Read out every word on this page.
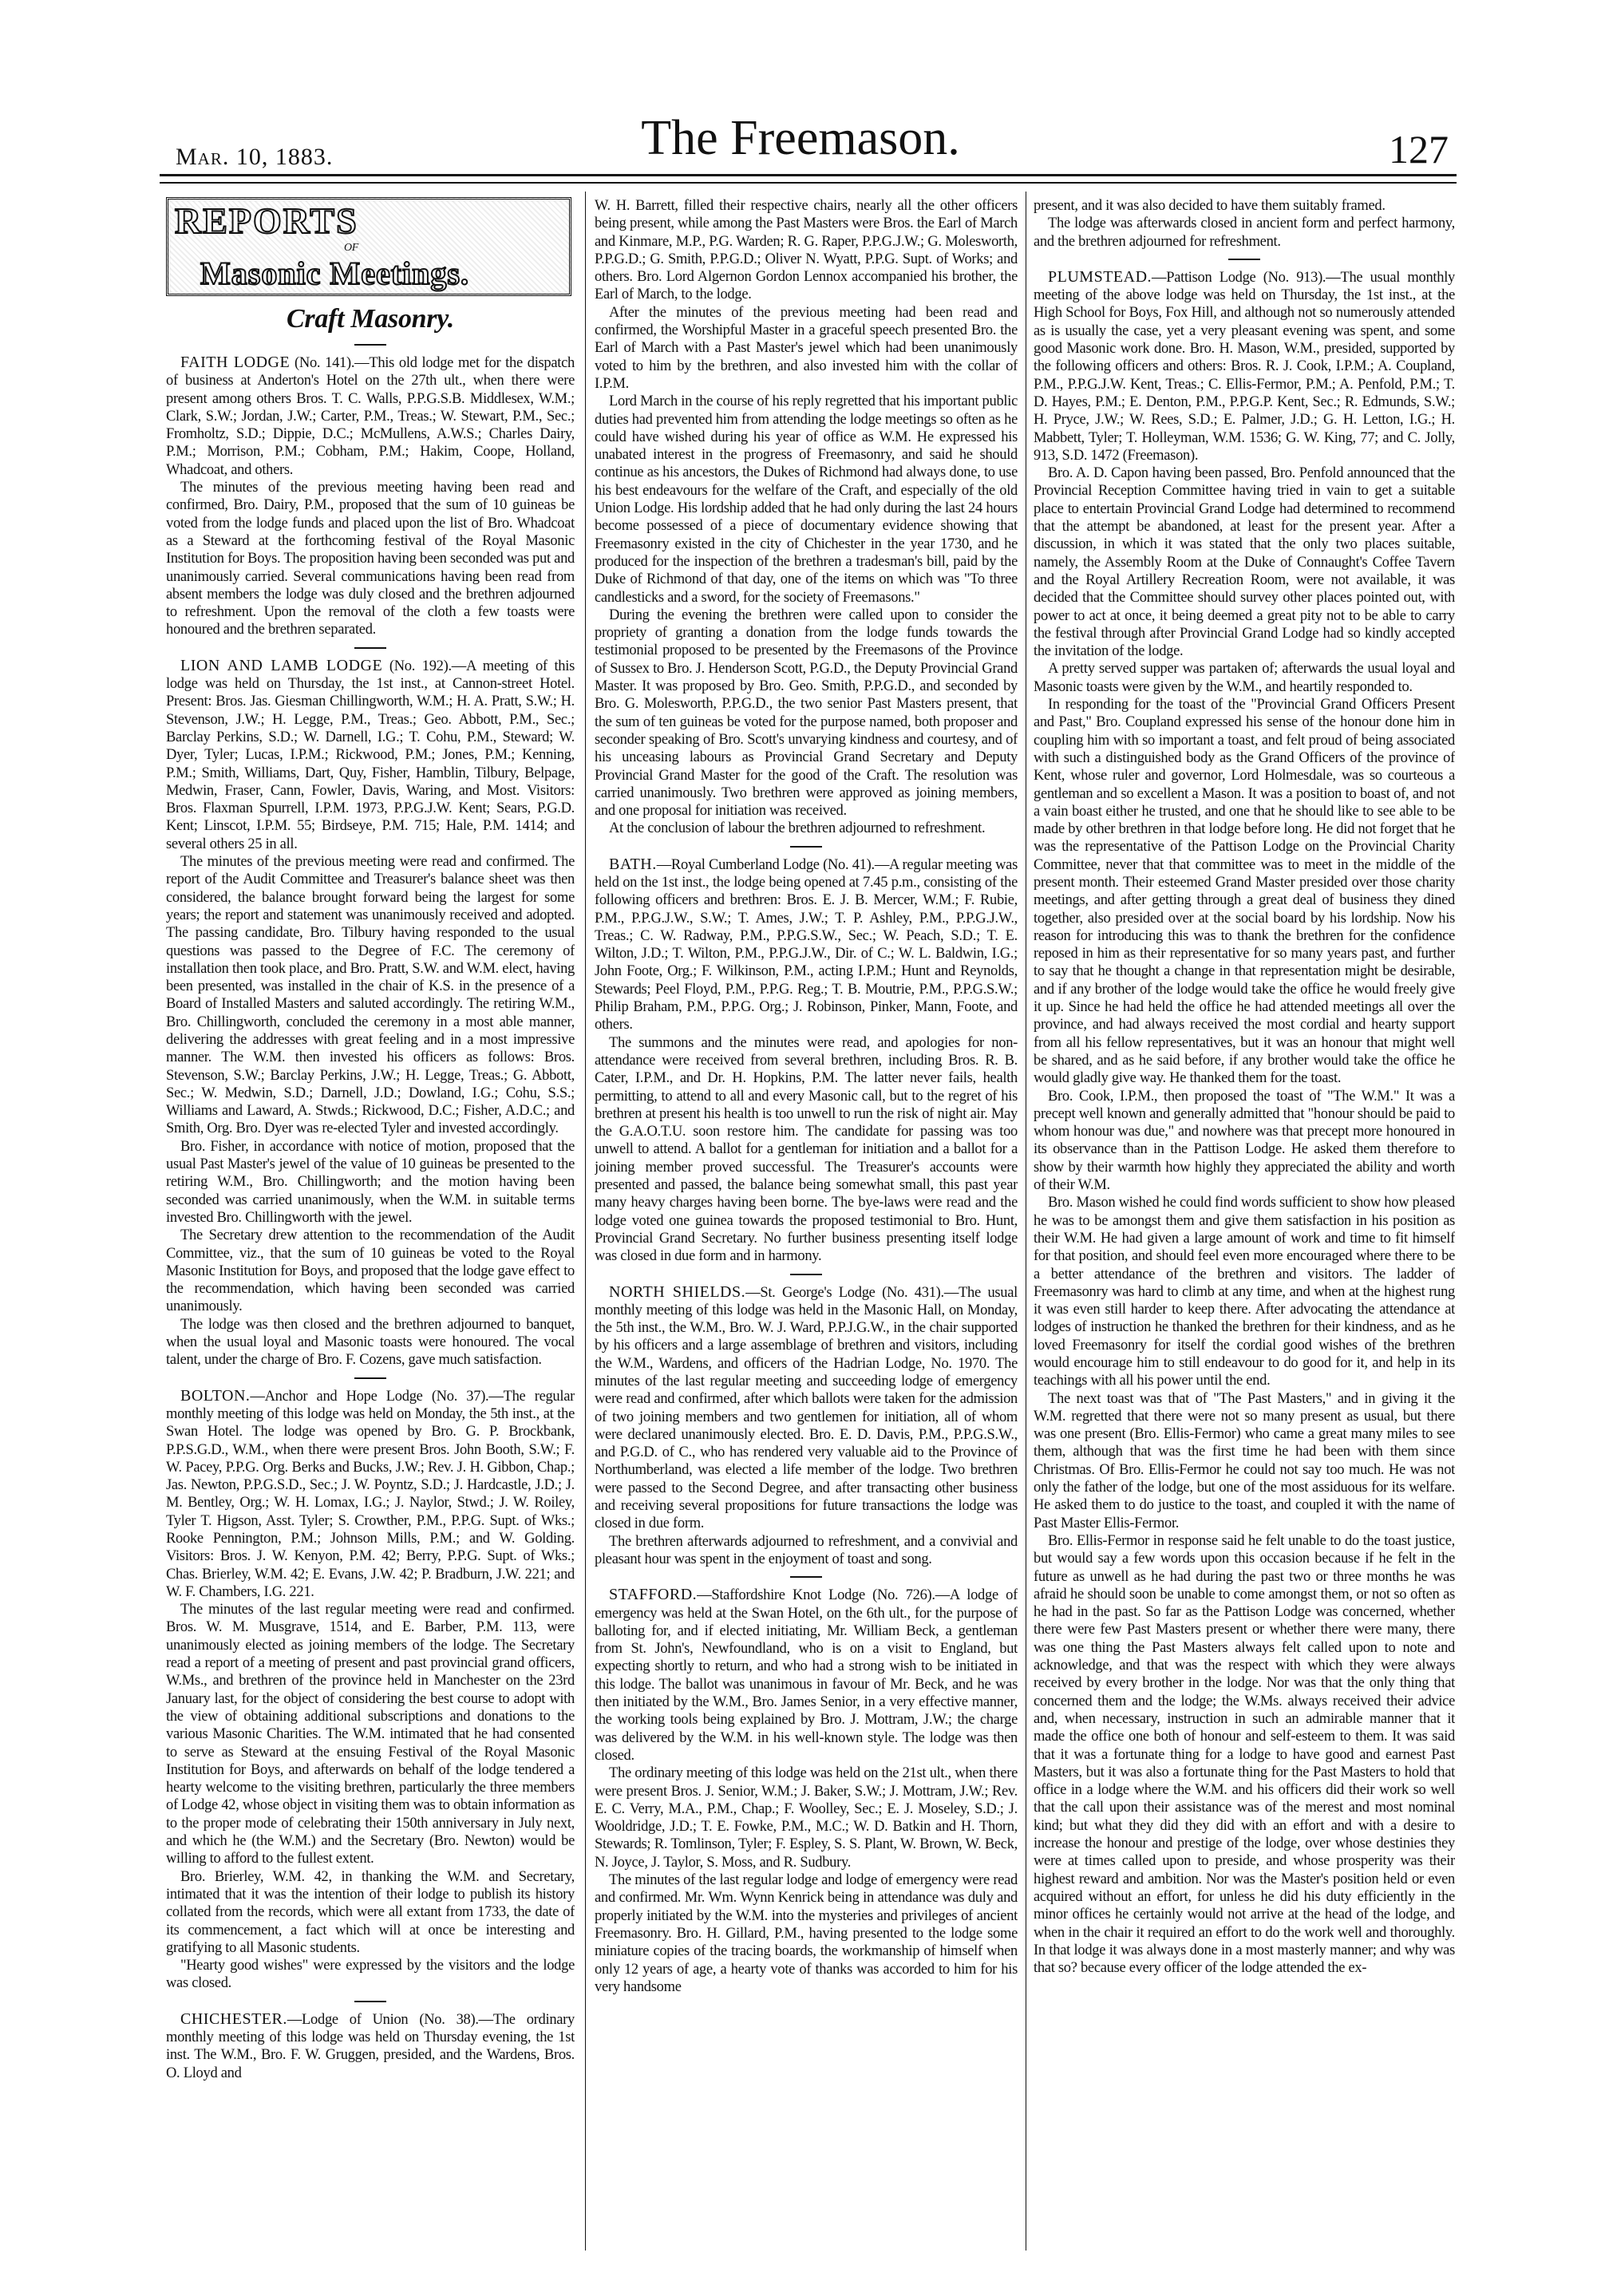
Mar. 10, 1883.	The Freemason.	127
REPORTS
OF
Masonic Meetings.

Craft Masonry.

FAITH LODGE (No. 141).—This old lodge met for the dispatch of business at Anderton's Hotel on the 27th ult., when there were present among others Bros. T. C. Walls, P.P.G.S.B. Middlesex, W.M.; Clark, S.W.; Jordan, J.W.; Carter, P.M., Treas.; W. Stewart, P.M., Sec.; Fromholtz, S.D.; Dippie, D.C.; McMullens, A.W.S.; Charles Dairy, P.M.; Morrison, P.M.; Cobham, P.M.; Hakim, Coope, Holland, Whadcoat, and others.

The minutes of the previous meeting having been read and confirmed, Bro. Dairy, P.M., proposed that the sum of 10 guineas be voted from the lodge funds and placed upon the list of Bro. Whadcoat as a Steward at the forthcoming festival of the Royal Masonic Institution for Boys. The proposition having been seconded was put and unanimously carried. Several communications having been read from absent members the lodge was duly closed and the brethren adjourned to refreshment. Upon the removal of the cloth a few toasts were honoured and the brethren separated.

LION AND LAMB LODGE (No. 192).—A meeting of this lodge was held on Thursday, the 1st inst., at Cannon-street Hotel. Present: Bros. Jas. Giesman Chillingworth, W.M.; H. A. Pratt, S.W.; H. Stevenson, J.W.; H. Legge, P.M., Treas.; Geo. Abbott, P.M., Sec.; Barclay Perkins, S.D.; W. Darnell, I.G.; T. Cohu, P.M., Steward; W. Dyer, Tyler; Lucas, I.P.M.; Rickwood, P.M.; Jones, P.M.; Kenning, P.M.; Smith, Williams, Dart, Quy, Fisher, Hamblin, Tilbury, Belpage, Medwin, Fraser, Cann, Fowler, Davis, Waring, and Most. Visitors: Bros. Flaxman Spurrell, I.P.M. 1973, P.P.G.J.W. Kent; Sears, P.G.D. Kent; Linscot, I.P.M. 55; Birdseye, P.M. 715; Hale, P.M. 1414; and several others 25 in all.

The minutes of the previous meeting were read and confirmed. The report of the Audit Committee and Treasurer's balance sheet was then considered, the balance brought forward being the largest for some years; the report and statement was unanimously received and adopted. The passing candidate, Bro. Tilbury having responded to the usual questions was passed to the Degree of F.C. The ceremony of installation then took place, and Bro. Pratt, S.W. and W.M. elect, having been presented, was installed in the chair of K.S. in the presence of a Board of Installed Masters and saluted accordingly. The retiring W.M., Bro. Chillingworth, concluded the ceremony in a most able manner, delivering the addresses with great feeling and in a most impressive manner. The W.M. then invested his officers as follows: Bros. Stevenson, S.W.; Barclay Perkins, J.W.; H. Legge, Treas.; G. Abbott, Sec.; W. Medwin, S.D.; Darnell, J.D.; Dowland, I.G.; Cohu, S.S.; Williams and Laward, A. Stwds.; Rickwood, D.C.; Fisher, A.D.C.; and Smith, Org. Bro. Dyer was re-elected Tyler and invested accordingly.

Bro. Fisher, in accordance with notice of motion, proposed that the usual Past Master's jewel of the value of 10 guineas be presented to the retiring W.M., Bro. Chillingworth; and the motion having been seconded was carried unanimously, when the W.M. in suitable terms invested Bro. Chillingworth with the jewel.

The Secretary drew attention to the recommendation of the Audit Committee, viz., that the sum of 10 guineas be voted to the Royal Masonic Institution for Boys, and proposed that the lodge gave effect to the recommendation, which having been seconded was carried unanimously.

The lodge was then closed and the brethren adjourned to banquet, when the usual loyal and Masonic toasts were honoured. The vocal talent, under the charge of Bro. F. Cozens, gave much satisfaction.

BOLTON.—Anchor and Hope Lodge (No. 37).—The regular monthly meeting of this lodge was held on Monday, the 5th inst., at the Swan Hotel. The lodge was opened by Bro. G. P. Brockbank, P.P.S.G.D., W.M., when there were present Bros. John Booth, S.W.; F. W. Pacey, P.P.G. Org. Berks and Bucks, J.W.; Rev. J. H. Gibbon, Chap.; Jas. Newton, P.P.G.S.D., Sec.; J. W. Poyntz, S.D.; J. Hardcastle, J.D.; J. M. Bentley, Org.; W. H. Lomax, I.G.; J. Naylor, Stwd.; J. W. Roiley, Tyler T. Higson, Asst. Tyler; S. Crowther, P.M., P.P.G. Supt. of Wks.; Rooke Pennington, P.M.; Johnson Mills, P.M.; and W. Golding. Visitors: Bros. J. W. Kenyon, P.M. 42; Berry, P.P.G. Supt. of Wks.; Chas. Brierley, W.M. 42; E. Evans, J.W. 42; P. Bradburn, J.W. 221; and W. F. Chambers, I.G. 221.

The minutes of the last regular meeting were read and confirmed. Bros. W. M. Musgrave, 1514, and E. Barber, P.M. 113, were unanimously elected as joining members of the lodge. The Secretary read a report of a meeting of present and past provincial grand officers, W.Ms., and brethren of the province held in Manchester on the 23rd January last, for the object of considering the best course to adopt with the view of obtaining additional subscriptions and donations to the various Masonic Charities. The W.M. intimated that he had consented to serve as Steward at the ensuing Festival of the Royal Masonic Institution for Boys, and afterwards on behalf of the lodge tendered a hearty welcome to the visiting brethren, particularly the three members of Lodge 42, whose object in visiting them was to obtain information as to the proper mode of celebrating their 150th anniversary in July next, and which he (the W.M.) and the Secretary (Bro. Newton) would be willing to afford to the fullest extent.

Bro. Brierley, W.M. 42, in thanking the W.M. and Secretary, intimated that it was the intention of their lodge to publish its history collated from the records, which were all extant from 1733, the date of its commencement, a fact which will at once be interesting and gratifying to all Masonic students.

"Hearty good wishes" were expressed by the visitors and the lodge was closed.

CHICHESTER.—Lodge of Union (No. 38).—The ordinary monthly meeting of this lodge was held on Thursday evening, the 1st inst. The W.M., Bro. F. W. Gruggen, presided, and the Wardens, Bros. O. Lloyd and

W. H. Barrett, filled their respective chairs, nearly all the other officers being present, while among the Past Masters were Bros. the Earl of March and Kinmare, M.P., P.G. Warden; R. G. Raper, P.P.G.J.W.; G. Molesworth, P.P.G.D.; G. Smith, P.P.G.D.; Oliver N. Wyatt, P.P.G. Supt. of Works; and others. Bro. Lord Algernon Gordon Lennox accompanied his brother, the Earl of March, to the lodge.

After the minutes of the previous meeting had been read and confirmed, the Worshipful Master in a graceful speech presented Bro. the Earl of March with a Past Master's jewel which had been unanimously voted to him by the brethren, and also invested him with the collar of I.P.M.

Lord March in the course of his reply regretted that his important public duties had prevented him from attending the lodge meetings so often as he could have wished during his year of office as W.M. He expressed his unabated interest in the progress of Freemasonry, and said he should continue as his ancestors, the Dukes of Richmond had always done, to use his best endeavours for the welfare of the Craft, and especially of the old Union Lodge. His lordship added that he had only during the last 24 hours become possessed of a piece of documentary evidence showing that Freemasonry existed in the city of Chichester in the year 1730, and he produced for the inspection of the brethren a tradesman's bill, paid by the Duke of Richmond of that day, one of the items on which was "To three candlesticks and a sword, for the society of Freemasons."

During the evening the brethren were called upon to consider the propriety of granting a donation from the lodge funds towards the testimonial proposed to be presented by the Freemasons of the Province of Sussex to Bro. J. Henderson Scott, P.G.D., the Deputy Provincial Grand Master. It was proposed by Bro. Geo. Smith, P.P.G.D., and seconded by Bro. G. Molesworth, P.P.G.D., the two senior Past Masters present, that the sum of ten guineas be voted for the purpose named, both proposer and seconder speaking of Bro. Scott's unvarying kindness and courtesy, and of his unceasing labours as Provincial Grand Secretary and Deputy Provincial Grand Master for the good of the Craft. The resolution was carried unanimously. Two brethren were approved as joining members, and one proposal for initiation was received.

At the conclusion of labour the brethren adjourned to refreshment.

BATH.—Royal Cumberland Lodge (No. 41).—A regular meeting was held on the 1st inst., the lodge being opened at 7.45 p.m., consisting of the following officers and brethren: Bros. E. J. B. Mercer, W.M.; F. Rubie, P.M., P.P.G.J.W., S.W.; T. Ames, J.W.; T. P. Ashley, P.M., P.P.G.J.W., Treas.; C. W. Radway, P.M., P.P.G.S.W., Sec.; W. Peach, S.D.; T. E. Wilton, J.D.; T. Wilton, P.M., P.P.G.J.W., Dir. of C.; W. L. Baldwin, I.G.; John Foote, Org.; F. Wilkinson, P.M., acting I.P.M.; Hunt and Reynolds, Stewards; Peel Floyd, P.M., P.P.G. Reg.; T. B. Moutrie, P.M., P.P.G.S.W.; Philip Braham, P.M., P.P.G. Org.; J. Robinson, Pinker, Mann, Foote, and others.

The summons and the minutes were read, and apologies for non-attendance were received from several brethren, including Bros. R. B. Cater, I.P.M., and Dr. H. Hopkins, P.M. The latter never fails, health permitting, to attend to all and every Masonic call, but to the regret of his brethren at present his health is too unwell to run the risk of night air. May the G.A.O.T.U. soon restore him. The candidate for passing was too unwell to attend. A ballot for a gentleman for initiation and a ballot for a joining member proved successful. The Treasurer's accounts were presented and passed, the balance being somewhat small, this past year many heavy charges having been borne. The bye-laws were read and the lodge voted one guinea towards the proposed testimonial to Bro. Hunt, Provincial Grand Secretary. No further business presenting itself lodge was closed in due form and in harmony.

NORTH SHIELDS.—St. George's Lodge (No. 431).—The usual monthly meeting of this lodge was held in the Masonic Hall, on Monday, the 5th inst., the W.M., Bro. W. J. Ward, P.P.J.G.W., in the chair supported by his officers and a large assemblage of brethren and visitors, including the W.M., Wardens, and officers of the Hadrian Lodge, No. 1970. The minutes of the last regular meeting and succeeding lodge of emergency were read and confirmed, after which ballots were taken for the admission of two joining members and two gentlemen for initiation, all of whom were declared unanimously elected. Bro. E. D. Davis, P.M., P.P.G.S.W., and P.G.D. of C., who has rendered very valuable aid to the Province of Northumberland, was elected a life member of the lodge. Two brethren were passed to the Second Degree, and after transacting other business and receiving several propositions for future transactions the lodge was closed in due form.

The brethren afterwards adjourned to refreshment, and a convivial and pleasant hour was spent in the enjoyment of toast and song.

STAFFORD.—Staffordshire Knot Lodge (No. 726).—A lodge of emergency was held at the Swan Hotel, on the 6th ult., for the purpose of balloting for, and if elected initiating, Mr. William Beck, a gentleman from St. John's, Newfoundland, who is on a visit to England, but expecting shortly to return, and who had a strong wish to be initiated in this lodge. The ballot was unanimous in favour of Mr. Beck, and he was then initiated by the W.M., Bro. James Senior, in a very effective manner, the working tools being explained by Bro. J. Mottram, J.W.; the charge was delivered by the W.M. in his well-known style. The lodge was then closed.

The ordinary meeting of this lodge was held on the 21st ult., when there were present Bros. J. Senior, W.M.; J. Baker, S.W.; J. Mottram, J.W.; Rev. E. C. Verry, M.A., P.M., Chap.; F. Woolley, Sec.; E. J. Moseley, S.D.; J. Wooldridge, J.D.; T. E. Fowke, P.M., M.C.; W. D. Batkin and H. Thorn, Stewards; R. Tomlinson, Tyler; F. Espley, S. S. Plant, W. Brown, W. Beck, N. Joyce, J. Taylor, S. Moss, and R. Sudbury.

The minutes of the last regular lodge and lodge of emergency were read and confirmed. Mr. Wm. Wynn Kenrick being in attendance was duly and properly initiated by the W.M. into the mysteries and privileges of ancient Freemasonry. Bro. H. Gillard, P.M., having presented to the lodge some miniature copies of the tracing boards, the workmanship of himself when only 12 years of age, a hearty vote of thanks was accorded to him for his very handsome

present, and it was also decided to have them suitably framed.

The lodge was afterwards closed in ancient form and perfect harmony, and the brethren adjourned for refreshment.

PLUMSTEAD.—Pattison Lodge (No. 913).—The usual monthly meeting of the above lodge was held on Thursday, the 1st inst., at the High School for Boys, Fox Hill, and although not so numerously attended as is usually the case, yet a very pleasant evening was spent, and some good Masonic work done. Bro. H. Mason, W.M., presided, supported by the following officers and others: Bros. R. J. Cook, I.P.M.; A. Coupland, P.M., P.P.G.J.W. Kent, Treas.; C. Ellis-Fermor, P.M.; A. Penfold, P.M.; T. D. Hayes, P.M.; E. Denton, P.M., P.P.G.P. Kent, Sec.; R. Edmunds, S.W.; H. Pryce, J.W.; W. Rees, S.D.; E. Palmer, J.D.; G. H. Letton, I.G.; H. Mabbett, Tyler; T. Holleyman, W.M. 1536; G. W. King, 77; and C. Jolly, 913, S.D. 1472 (Freemason).

Bro. A. D. Capon having been passed, Bro. Penfold announced that the Provincial Reception Committee having tried in vain to get a suitable place to entertain Provincial Grand Lodge had determined to recommend that the attempt be abandoned, at least for the present year. After a discussion, in which it was stated that the only two places suitable, namely, the Assembly Room at the Duke of Connaught's Coffee Tavern and the Royal Artillery Recreation Room, were not available, it was decided that the Committee should survey other places pointed out, with power to act at once, it being deemed a great pity not to be able to carry the festival through after Provincial Grand Lodge had so kindly accepted the invitation of the lodge.

A pretty served supper was partaken of; afterwards the usual loyal and Masonic toasts were given by the W.M., and heartily responded to.

In responding for the toast of the "Provincial Grand Officers Present and Past," Bro. Coupland expressed his sense of the honour done him in coupling him with so important a toast, and felt proud of being associated with such a distinguished body as the Grand Officers of the province of Kent, whose ruler and governor, Lord Holmesdale, was so courteous a gentleman and so excellent a Mason. It was a position to boast of, and not a vain boast either he trusted, and one that he should like to see able to be made by other brethren in that lodge before long. He did not forget that he was the representative of the Pattison Lodge on the Provincial Charity Committee, never that that committee was to meet in the middle of the present month. Their esteemed Grand Master presided over those charity meetings, and after getting through a great deal of business they dined together, also presided over at the social board by his lordship. Now his reason for introducing this was to thank the brethren for the confidence reposed in him as their representative for so many years past, and further to say that he thought a change in that representation might be desirable, and if any brother of the lodge would take the office he would freely give it up. Since he had held the office he had attended meetings all over the province, and had always received the most cordial and hearty support from all his fellow representatives, but it was an honour that might well be shared, and as he said before, if any brother would take the office he would gladly give way. He thanked them for the toast.

Bro. Cook, I.P.M., then proposed the toast of "The W.M." It was a precept well known and generally admitted that "honour should be paid to whom honour was due," and nowhere was that precept more honoured in its observance than in the Pattison Lodge. He asked them therefore to show by their warmth how highly they appreciated the ability and worth of their W.M.

Bro. Mason wished he could find words sufficient to show how pleased he was to be amongst them and give them satisfaction in his position as their W.M. He had given a large amount of work and time to fit himself for that position, and should feel even more encouraged where there to be a better attendance of the brethren and visitors. The ladder of Freemasonry was hard to climb at any time, and when at the highest rung it was even still harder to keep there. After advocating the attendance at lodges of instruction he thanked the brethren for their kindness, and as he loved Freemasonry for itself the cordial good wishes of the brethren would encourage him to still endeavour to do good for it, and help in its teachings with all his power until the end.

The next toast was that of "The Past Masters," and in giving it the W.M. regretted that there were not so many present as usual, but there was one present (Bro. Ellis-Fermor) who came a great many miles to see them, although that was the first time he had been with them since Christmas. Of Bro. Ellis-Fermor he could not say too much. He was not only the father of the lodge, but one of the most assiduous for its welfare. He asked them to do justice to the toast, and coupled it with the name of Past Master Ellis-Fermor.

Bro. Ellis-Fermor in response said he felt unable to do the toast justice, but would say a few words upon this occasion because if he felt in the future as unwell as he had during the past two or three months he was afraid he should soon be unable to come amongst them, or not so often as he had in the past. So far as the Pattison Lodge was concerned, whether there were few Past Masters present or whether there were many, there was one thing the Past Masters always felt called upon to note and acknowledge, and that was the respect with which they were always received by every brother in the lodge. Nor was that the only thing that concerned them and the lodge; the W.Ms. always received their advice and, when necessary, instruction in such an admirable manner that it made the office one both of honour and self-esteem to them. It was said that it was a fortunate thing for a lodge to have good and earnest Past Masters, but it was also a fortunate thing for the Past Masters to hold that office in a lodge where the W.M. and his officers did their work so well that the call upon their assistance was of the merest and most nominal kind; but what they did they did with an effort and with a desire to increase the honour and prestige of the lodge, over whose destinies they were at times called upon to preside, and whose prosperity was their highest reward and ambition. Nor was the Master's position held or even acquired without an effort, for unless he did his duty efficiently in the minor offices he certainly would not arrive at the head of the lodge, and when in the chair it required an effort to do the work well and thoroughly. In that lodge it was always done in a most masterly manner; and why was that so? because every officer of the lodge attended the ex-
